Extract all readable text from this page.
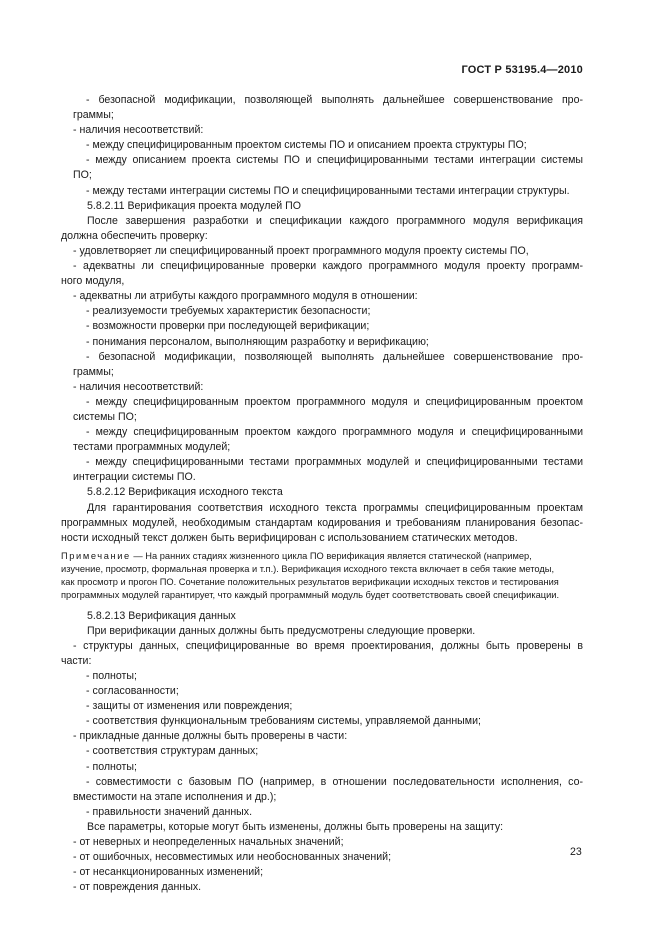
ГОСТ Р 53195.4—2010
- безопасной модификации, позволяющей выполнять дальнейшее совершенствование про-
граммы;
- наличия несоответствий:
- между специфицированным проектом системы ПО и описанием проекта структуры ПО;
- между описанием проекта системы ПО и специфицированными тестами интеграции системы
ПО;
- между тестами интеграции системы ПО и специфицированными тестами интеграции структуры.
5.8.2.11 Верификация проекта модулей ПО
После завершения разработки и спецификации каждого программного модуля верификация
должна обеспечить проверку:
- удовлетворяет ли специфицированный проект программного модуля проекту системы ПО,
- адекватны ли специфицированные проверки каждого программного модуля проекту программ-
ного модуля,
- адекватны ли атрибуты каждого программного модуля в отношении:
- реализуемости требуемых характеристик безопасности;
- возможности проверки при последующей верификации;
- понимания персоналом, выполняющим разработку и верификацию;
- безопасной модификации, позволяющей выполнять дальнейшее совершенствование про-
граммы;
- наличия несоответствий:
- между специфицированным проектом программного модуля и специфицированным проектом
системы ПО;
- между специфицированным проектом каждого программного модуля и специфицированными
тестами программных модулей;
- между специфицированными тестами программных модулей и специфицированными тестами
интеграции системы ПО.
5.8.2.12 Верификация исходного текста
Для гарантирования соответствия исходного текста программы специфицированным проектам
программных модулей, необходимым стандартам кодирования и требованиям планирования безопас-
ности исходный текст должен быть верифицирован с использованием статических методов.
Примечание — На ранних стадиях жизненного цикла ПО верификация является статической (например,
изучение, просмотр, формальная проверка и т.п.). Верификация исходного текста включает в себя такие методы,
как просмотр и прогон ПО. Сочетание положительных результатов верификации исходных текстов и тестирования
программных модулей гарантирует, что каждый программный модуль будет соответствовать своей спецификации.
5.8.2.13 Верификация данных
При верификации данных должны быть предусмотрены следующие проверки.
- структуры данных, специфицированные во время проектирования, должны быть проверены в
части:
- полноты;
- согласованности;
- защиты от изменения или повреждения;
- соответствия функциональным требованиям системы, управляемой данными;
- прикладные данные должны быть проверены в части:
- соответствия структурам данных;
- полноты;
- совместимости с базовым ПО (например, в отношении последовательности исполнения, со-
вместимости на этапе исполнения и др.);
- правильности значений данных.
Все параметры, которые могут быть изменены, должны быть проверены на защиту:
- от неверных и неопределенных начальных значений;
- от ошибочных, несовместимых или необоснованных значений;
- от несанкционированных изменений;
- от повреждения данных.
23
